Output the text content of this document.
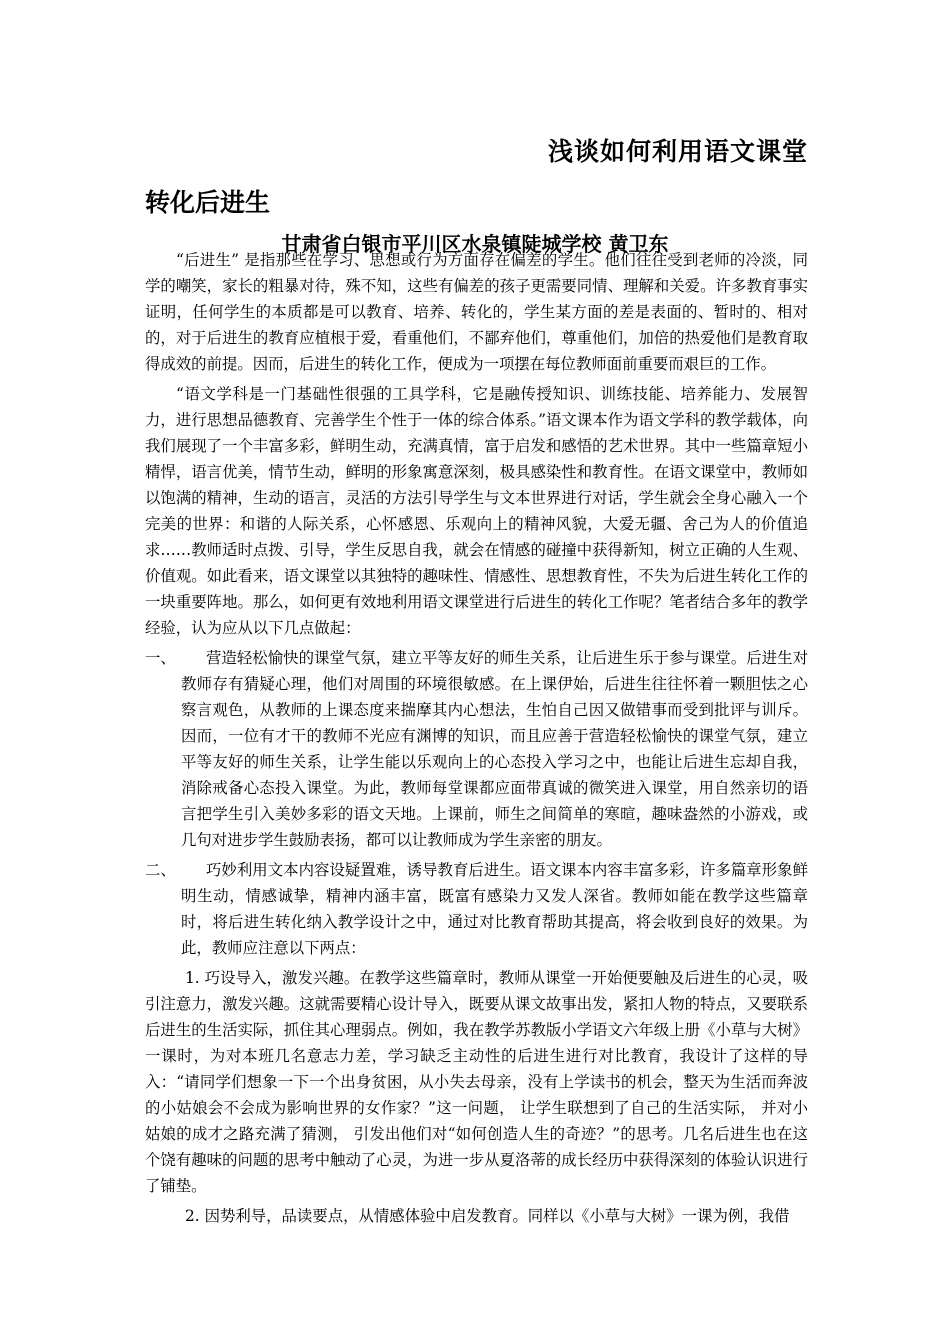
浅谈如何利用语文课堂
转化后进生
甘肃省白银市平川区水泉镇陡城学校 黄卫东

“后进生” 是指那些在学习、思想或行为方面存在偏差的学生。他们往往受到老师的冷淡，同学的嘲笑，家长的粗暴对待，殊不知，这些有偏差的孩子更需要同情、理解和关爱。许多教育事实证明，任何学生的本质都是可以教育、培养、转化的，学生某方面的差是表面的、暂时的、相对的，对于后进生的教育应植根于爱，看重他们，不鄙弃他们，尊重他们，加倍的热爱他们是教育取得成效的前提。因而，后进生的转化工作，便成为一项摆在每位教师面前重要而艰巨的工作。

“语文学科是一门基础性很强的工具学科，它是融传授知识、训练技能、培养能力、发展智力，进行思想品德教育、完善学生个性于一体的综合体系。”语文课本作为语文学科的教学载体，向我们展现了一个丰富多彩，鲜明生动，充满真情，富于启发和感悟的艺术世界。其中一些篇章短小精悍，语言优美，情节生动，鲜明的形象寓意深刻，极具感染性和教育性。在语文课堂中，教师如以饱满的精神，生动的语言，灵活的方法引导学生与文本世界进行对话，学生就会全身心融入一个完美的世界：和谐的人际关系，心怀感恩、乐观向上的精神风貌，大爱无疆、舍己为人的价值追求……教师适时点拨、引导，学生反思自我，就会在情感的碰撞中获得新知，树立正确的人生观、价值观。如此看来，语文课堂以其独特的趣味性、情感性、思想教育性，不失为后进生转化工作的一块重要阵地。那么，如何更有效地利用语文课堂进行后进生的转化工作呢？笔者结合多年的教学经验，认为应从以下几点做起：

一、 营造轻松愉快的课堂气氛，建立平等友好的师生关系，让后进生乐于参与课堂。后进生对教师存有猜疑心理，他们对周围的环境很敏感。在上课伊始，后进生往往怀着一颗胆怯之心察言观色，从教师的上课态度来揣摩其内心想法，生怕自己因又做错事而受到批评与训斥。因而，一位有才干的教师不光应有渊博的知识，而且应善于营造轻松愉快的课堂气氛，建立平等友好的师生关系，让学生能以乐观向上的心态投入学习之中，也能让后进生忘却自我，消除戒备心态投入课堂。为此，教师每堂课都应面带真诚的微笑进入课堂，用自然亲切的语言把学生引入美妙多彩的语文天地。上课前，师生之间简单的寒暄，趣味盎然的小游戏，或几句对进步学生鼓励表扬，都可以让教师成为学生亲密的朋友。
二、 巧妙利用文本内容设疑置难，诱导教育后进生。语文课本内容丰富多彩，许多篇章形象鲜明生动，情感诚挚，精神内涵丰富，既富有感染力又发人深省。教师如能在教学这些篇章时，将后进生转化纳入教学设计之中，通过对比教育帮助其提高，将会收到良好的效果。为此，教师应注意以下两点：

1. 巧设导入，激发兴趣。在教学这些篇章时，教师从课堂一开始便要触及后进生的心灵，吸引注意力，激发兴趣。这就需要精心设计导入，既要从课文故事出发，紧扣人物的特点，又要联系后进生的生活实际，抓住其心理弱点。例如，我在教学苏教版小学语文六年级上册《小草与大树》一课时，为对本班几名意志力差，学习缺乏主动性的后进生进行对比教育，我设计了这样的导入：“请同学们想象一下一个出身贫困，从小失去母亲，没有上学读书的机会，整天为生活而奔波的小姑娘会不会成为影响世界的女作家？”这一问题， 让学生联想到了自己的生活实际， 并对小姑娘的成才之路充满了猜测， 引发出他们对“如何创造人生的奇迹？”的思考。几名后进生也在这个饶有趣味的问题的思考中触动了心灵，为进一步从夏洛蒂的成长经历中获得深刻的体验认识进行了铺垫。

2. 因势利导，品读要点，从情感体验中启发教育。同样以《小草与大树》一课为例，我借
